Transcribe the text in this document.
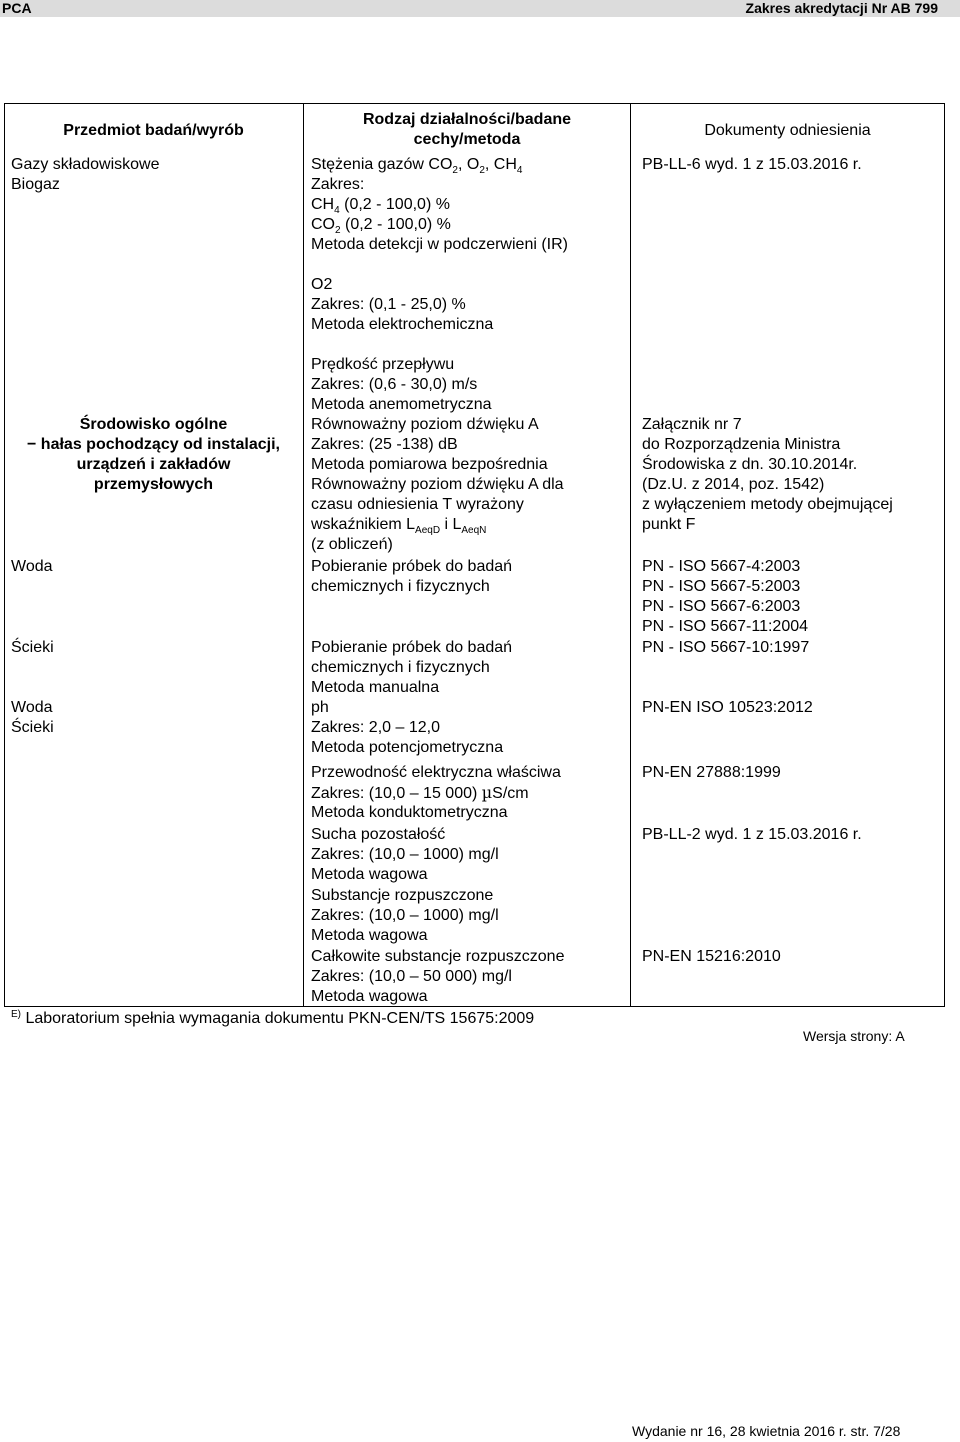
PCA	Zakres akredytacji Nr AB 799
Przedmiot badań/wyrób
Rodzaj działalności/badane
cechy/metoda
Dokumenty odniesienia
Gazy składowiskowe
Biogaz
Środowisko ogólne
− hałas pochodzący od instalacji,
urządzeń i zakładów
przemysłowych
Woda
Ścieki
Woda
Ścieki
Stężenia gazów $CO_2$, $O_2$, $CH_4$
Zakres:
$CH_4$ (0,2 - 100,0) %
$CO_2$ (0,2 - 100,0) %
Metoda detekcji w podczerwieni (IR)
O2
Zakres: (0,1 - 25,0) %
Metoda elektrochemiczna
Prędkość przepływu
Zakres: (0,6 - 30,0) m/s
Metoda anemometryczna
Równoważny poziom dźwięku A
Zakres: (25 -138) dB
Metoda pomiarowa bezpośrednia
Równoważny poziom dźwięku A dla
czasu odniesienia T wyrażony
wskaźnikiem $L_{AeqD}$ i $L_{AeqN}$
(z obliczeń)
Pobieranie próbek do badań
chemicznych i fizycznych
Pobieranie próbek do badań
chemicznych i fizycznych
Metoda manualna
ph
Zakres: 2,0 – 12,0
Metoda potencjometryczna
Przewodność elektryczna właściwa
Zakres: (10,0 – 15 000) µS/cm
Metoda konduktometryczna
Sucha pozostałość
Zakres: (10,0 – 1000) mg/l
Metoda wagowa
Substancje rozpuszczone
Zakres: (10,0 – 1000) mg/l
Metoda wagowa
Całkowite substancje rozpuszczone
Zakres: (10,0 – 50 000) mg/l
Metoda wagowa
PB-LL-6 wyd. 1 z 15.03.2016 r.
Załącznik nr 7
do Rozporządzenia Ministra
Środowiska z dn. 30.10.2014r.
(Dz.U. z 2014, poz. 1542)
z wyłączeniem metody obejmującej
punkt F
PN - ISO 5667-4:2003
PN - ISO 5667-5:2003
PN - ISO 5667-6:2003
PN - ISO 5667-11:2004
PN - ISO 5667-10:1997
PN-EN ISO 10523:2012
PN-EN 27888:1999
PB-LL-2 wyd. 1 z 15.03.2016 r.
PN-EN 15216:2010
$^{E)}$ Laboratorium spełnia wymagania dokumentu PKN-CEN/TS 15675:2009
Wersja strony: A
Wydanie nr 16, 28 kwietnia 2016 r. str. 7/28
